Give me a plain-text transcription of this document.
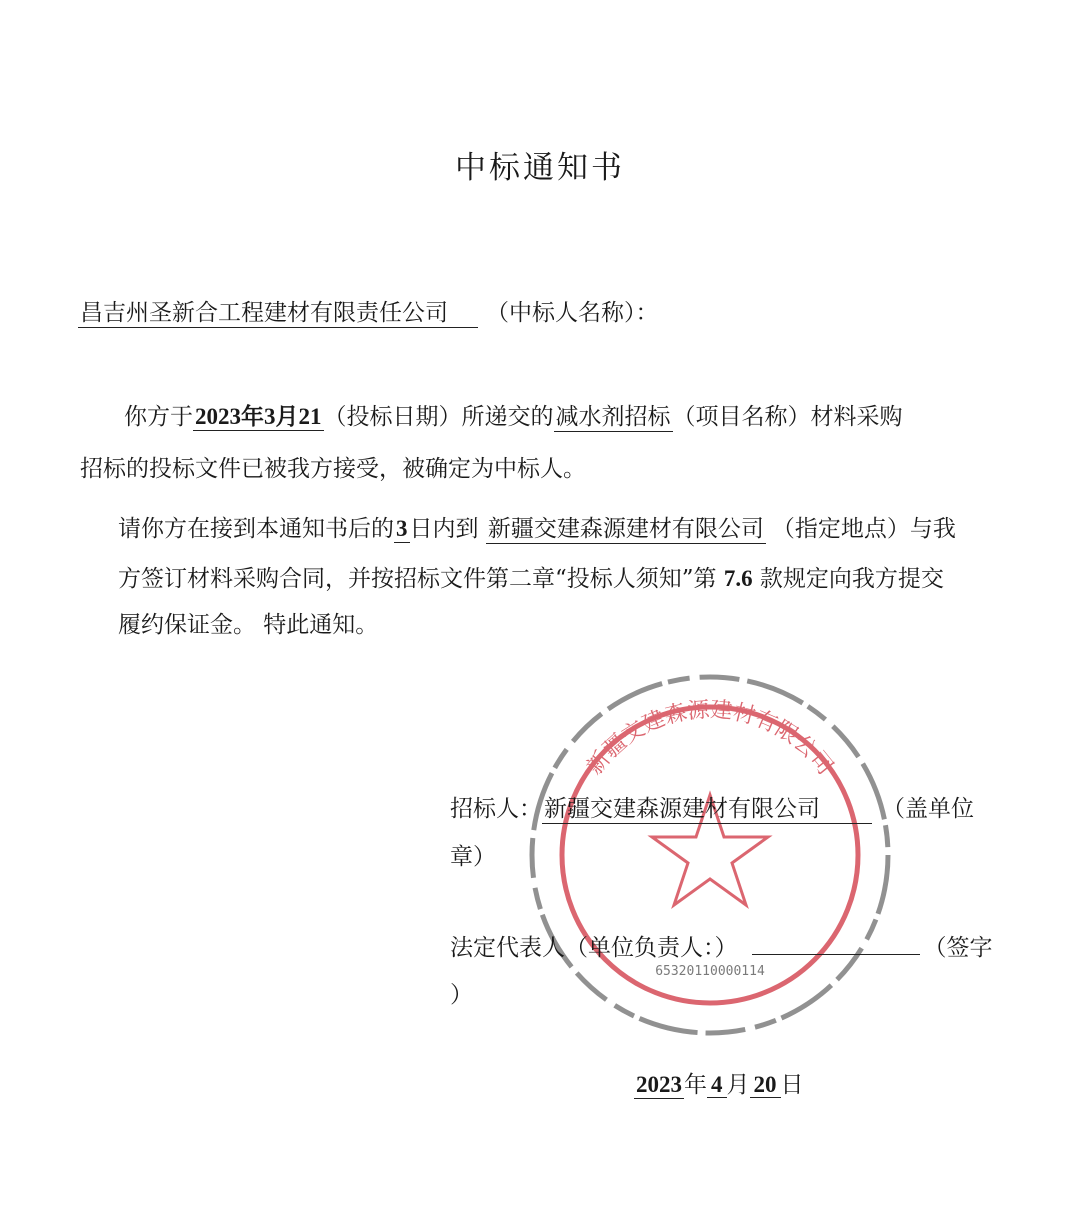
中标通知书
昌吉州圣新合工程建材有限责任公司 （中标人名称）：
你方于2023年3月21（投标日期）所递交的减水剂招标（项目名称）材料采购
招标的投标文件已被我方接受，被确定为中标人。
请你方在接到本通知书后的3日内到 新疆交建森源建材有限公司 （指定地点）与我
方签订材料采购合同，并按招标文件第二章“投标人须知”第 7.6 款规定向我方提交
履约保证金。 特此通知。
新疆交建森源建材有限公司
65320110000114
招标人：新疆交建森源建材有限公司	（盖单位
章）
法定代表人（单位负责人：）	（签字
）
2023年 4 月 20 日
